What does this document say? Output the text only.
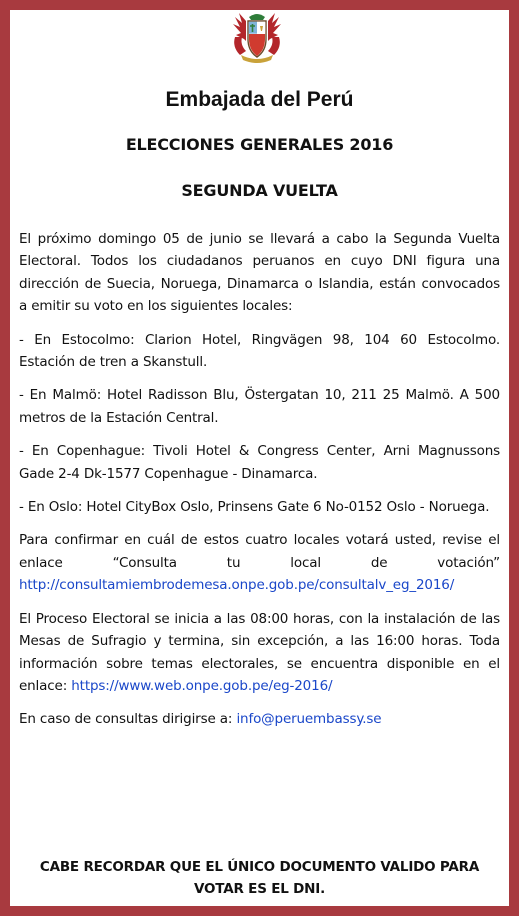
Embajada del Perú
ELECCIONES GENERALES 2016
SEGUNDA VUELTA

El próximo domingo 05 de junio se llevará a cabo la Segunda Vuelta Electoral. Todos los ciudadanos peruanos en cuyo DNI figura una dirección de Suecia, Noruega, Dinamarca o Islandia, están convocados a emitir su voto en los siguientes locales:

- En Estocolmo: Clarion Hotel, Ringvägen 98, 104 60 Estocolmo. Estación de tren a Skanstull.

- En Malmö: Hotel Radisson Blu, Östergatan 10, 211 25 Malmö. A 500 metros de la Estación Central.

- En Copenhague: Tivoli Hotel & Congress Center, Arni Magnussons Gade 2-4 Dk-1577 Copenhague - Dinamarca.

- En Oslo: Hotel CityBox Oslo, Prinsens Gate 6 No-0152 Oslo - Noruega.

Para confirmar en cuál de estos cuatro locales votará usted, revise el enlace “Consulta tu local de votación” http://consultamiembrodemesa.onpe.gob.pe/consultalv_eg_2016/

El Proceso Electoral se inicia a las 08:00 horas, con la instalación de las Mesas de Sufragio y termina, sin excepción, a las 16:00 horas. Toda información sobre temas electorales, se encuentra disponible en el enlace: https://www.web.onpe.gob.pe/eg-2016/

En caso de consultas dirigirse a: info@peruembassy.se

CABE RECORDAR QUE EL ÚNICO DOCUMENTO VALIDO PARA
VOTAR ES EL DNI.
